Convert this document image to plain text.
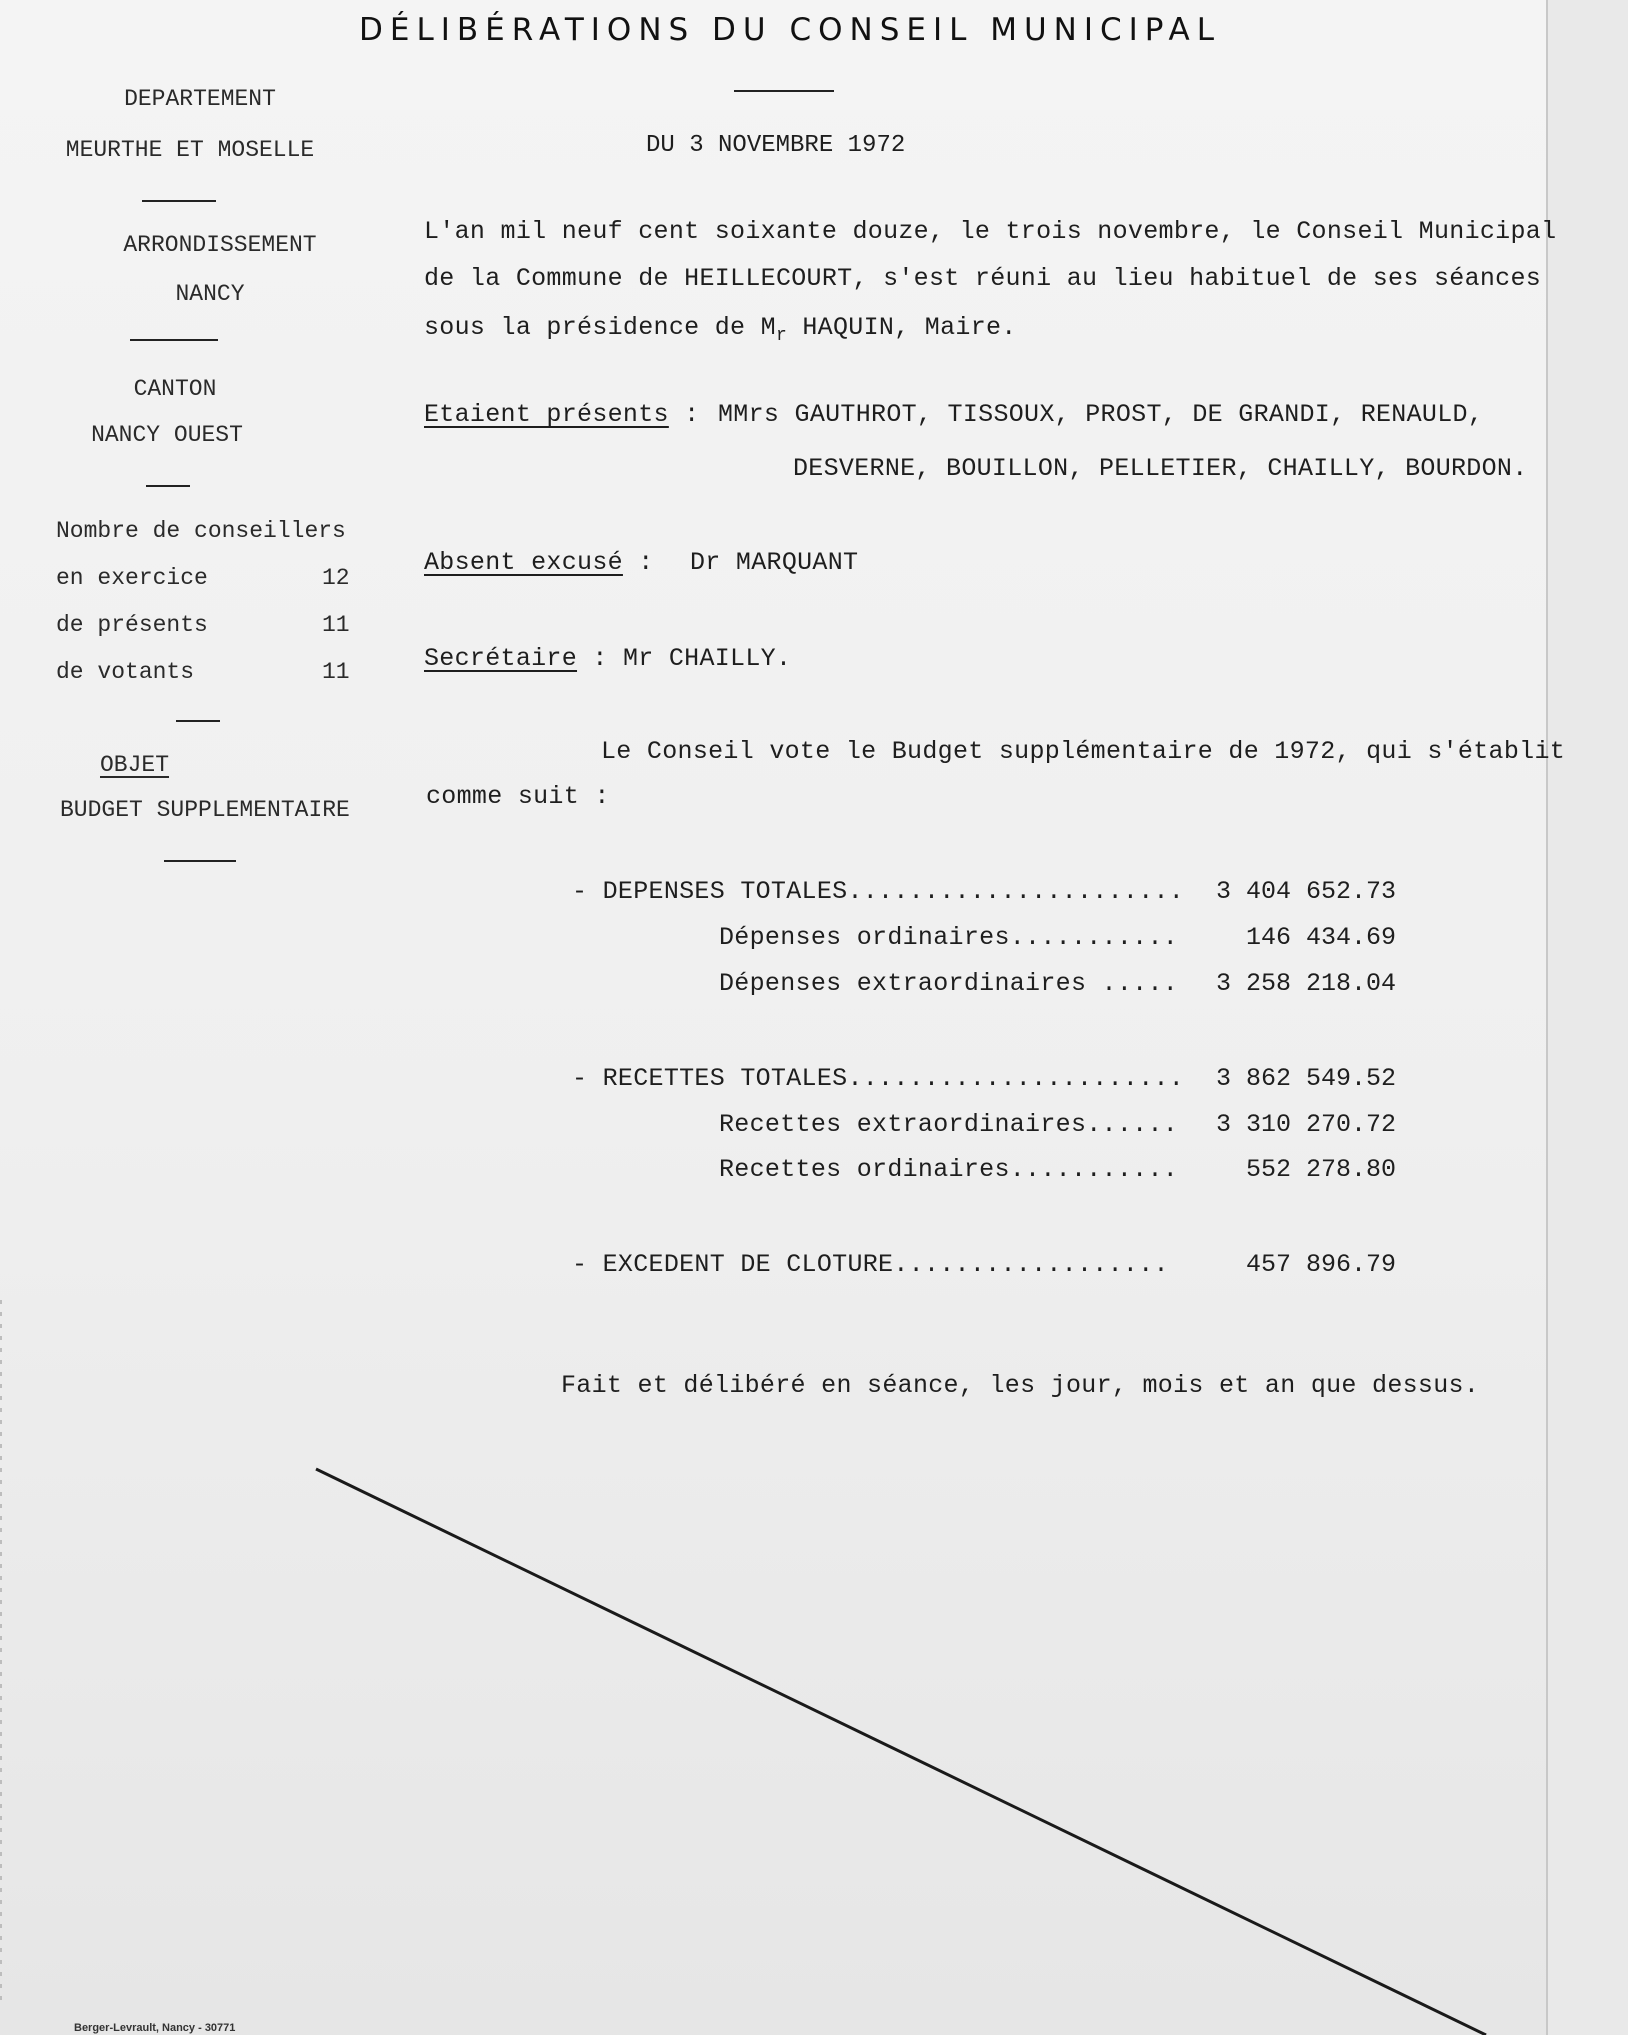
DÉLIBÉRATIONS DU CONSEIL MUNICIPAL
DEPARTEMENT
MEURTHE ET MOSELLE
ARRONDISSEMENT
NANCY
CANTON
NANCY OUEST
Nombre de conseillers
en exercice	12
de présents	11
de votants	11
OBJET
BUDGET SUPPLEMENTAIRE
DU 3 NOVEMBRE 1972
L'an mil neuf cent soixante douze, le trois novembre, le Conseil Municipal
de la Commune de HEILLECOURT, s'est réuni au lieu habituel de ses séances
sous la présidence de $M_r$ HAQUIN, Maire.
Etaient présents : MMrs GAUTHROT, TISSOUX, PROST, DE GRANDI, RENAULD,
DESVERNE, BOUILLON, PELLETIER, CHAILLY, BOURDON.
Absent excusé : Dr MARQUANT
Secrétaire : Mr CHAILLY.
Le Conseil vote le Budget supplémentaire de 1972, qui s'établit
comme suit :
- DEPENSES TOTALES...................... 3 404 652.73
Dépenses ordinaires...........	146 434.69
Dépenses extraordinaires ..... 3 258 218.04
- RECETTES TOTALES...................... 3 862 549.52
Recettes extraordinaires...... 3 310 270.72
Recettes ordinaires...........	552 278.80
- EXCEDENT DE CLOTURE..................	457 896.79
Fait et délibéré en séance, les jour, mois et an que dessus.
Berger-Levrault, Nancy - 30771
